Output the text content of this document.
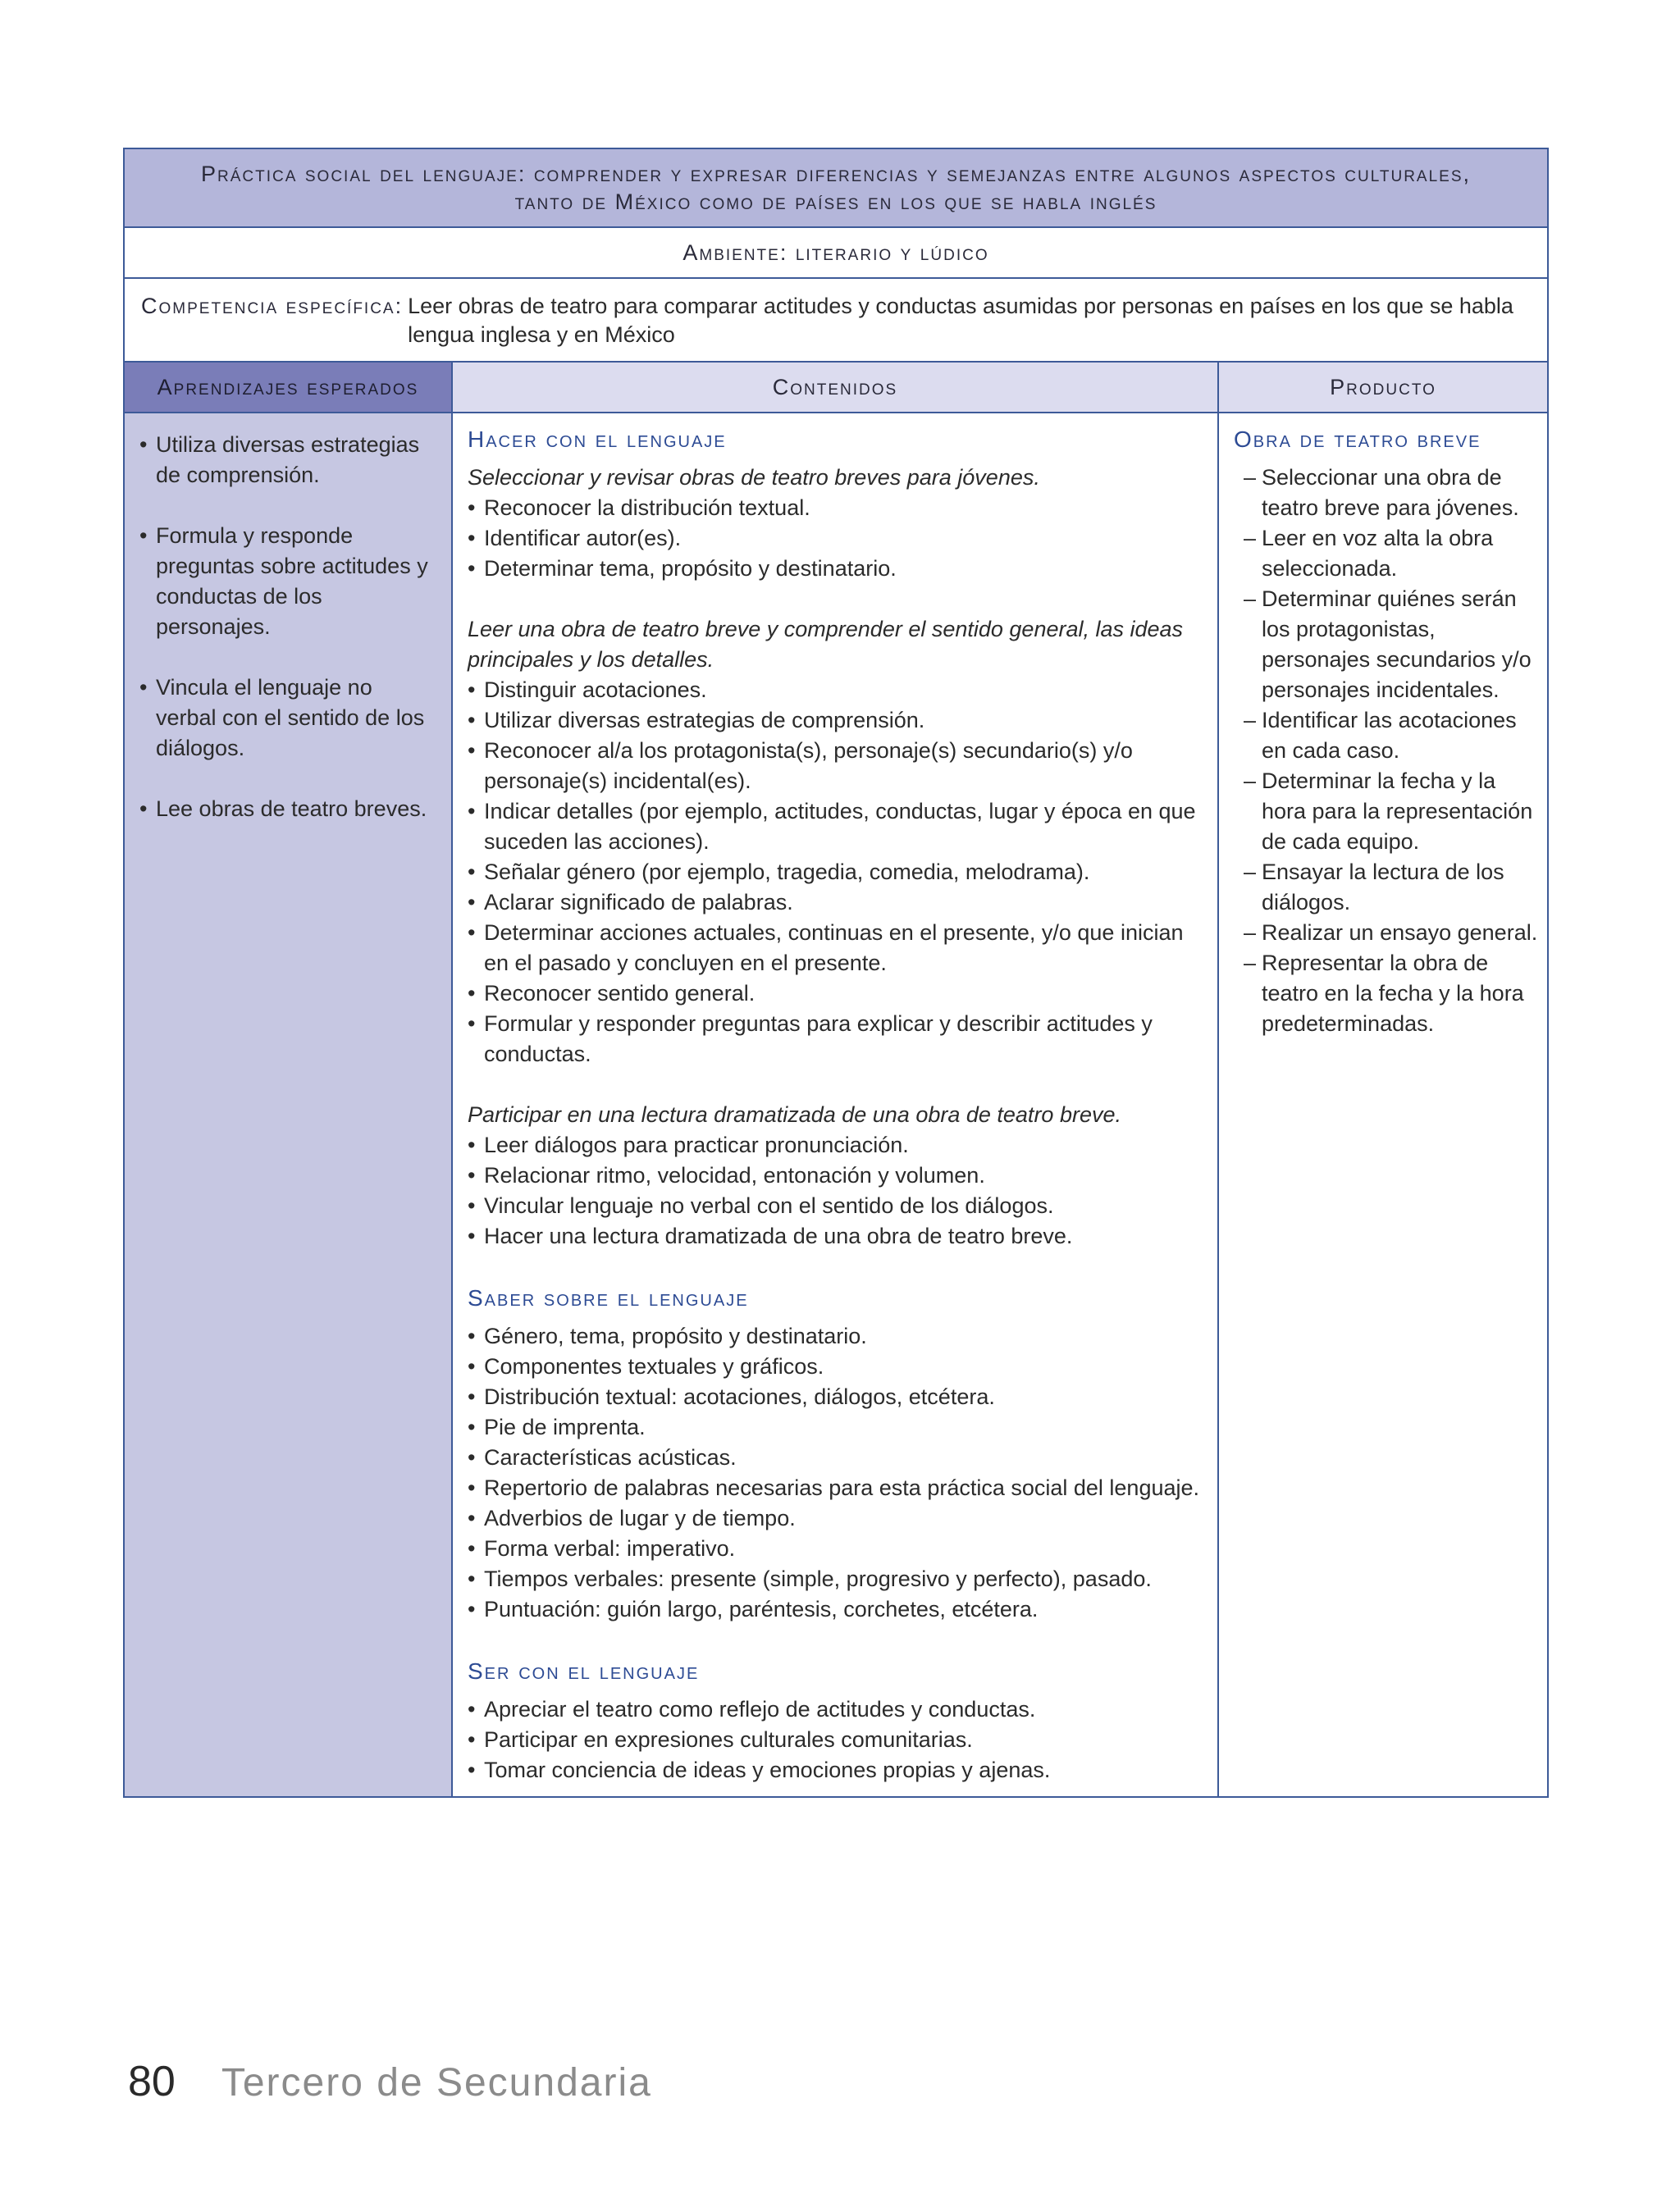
Práctica social del lenguaje: comprender y expresar diferencias y semejanzas entre algunos aspectos culturales,
tanto de México como de países en los que se habla inglés
Ambiente: literario y lúdico
Competencia específica: Leer obras de teatro para comparar actitudes y conductas asumidas por personas en países en los que se habla lengua inglesa y en México
Aprendizajes esperados	Contenidos	Producto
• Utiliza diversas estrategias de comprensión.
• Formula y responde preguntas sobre actitudes y conductas de los personajes.
• Vincula el lenguaje no verbal con el sentido de los diálogos.
• Lee obras de teatro breves.
Hacer con el lenguaje

Seleccionar y revisar obras de teatro breves para jóvenes.

• Reconocer la distribución textual.
• Identificar autor(es).
• Determinar tema, propósito y destinatario.

Leer una obra de teatro breve y comprender el sentido general, las ideas principales y los detalles.

• Distinguir acotaciones.
• Utilizar diversas estrategias de comprensión.
• Reconocer al/a los protagonista(s), personaje(s) secundario(s) y/o personaje(s) incidental(es).
• Indicar detalles (por ejemplo, actitudes, conductas, lugar y época en que suceden las acciones).
• Señalar género (por ejemplo, tragedia, comedia, melodrama).
• Aclarar significado de palabras.
• Determinar acciones actuales, continuas en el presente, y/o que inician en el pasado y concluyen en el presente.
• Reconocer sentido general.
• Formular y responder preguntas para explicar y describir actitudes y conductas.

Participar en una lectura dramatizada de una obra de teatro breve.

• Leer diálogos para practicar pronunciación.
• Relacionar ritmo, velocidad, entonación y volumen.
• Vincular lenguaje no verbal con el sentido de los diálogos.
• Hacer una lectura dramatizada de una obra de teatro breve.
Saber sobre el lenguaje
• Género, tema, propósito y destinatario.
• Componentes textuales y gráficos.
• Distribución textual: acotaciones, diálogos, etcétera.
• Pie de imprenta.
• Características acústicas.
• Repertorio de palabras necesarias para esta práctica social del lenguaje.
• Adverbios de lugar y de tiempo.
• Forma verbal: imperativo.
• Tiempos verbales: presente (simple, progresivo y perfecto), pasado.
• Puntuación: guión largo, paréntesis, corchetes, etcétera.
Ser con el lenguaje
• Apreciar el teatro como reflejo de actitudes y conductas.
• Participar en expresiones culturales comunitarias.
• Tomar conciencia de ideas y emociones propias y ajenas.
Obra de teatro breve
– Seleccionar una obra de teatro breve para jóvenes.
– Leer en voz alta la obra seleccionada.
– Determinar quiénes serán los protagonistas, personajes secundarios y/o personajes incidentales.
– Identificar las acotaciones en cada caso.
– Determinar la fecha y la hora para la representación de cada equipo.
– Ensayar la lectura de los diálogos.
– Realizar un ensayo general.
– Representar la obra de teatro en la fecha y la hora predeterminadas.
80 Tercero de Secundaria
